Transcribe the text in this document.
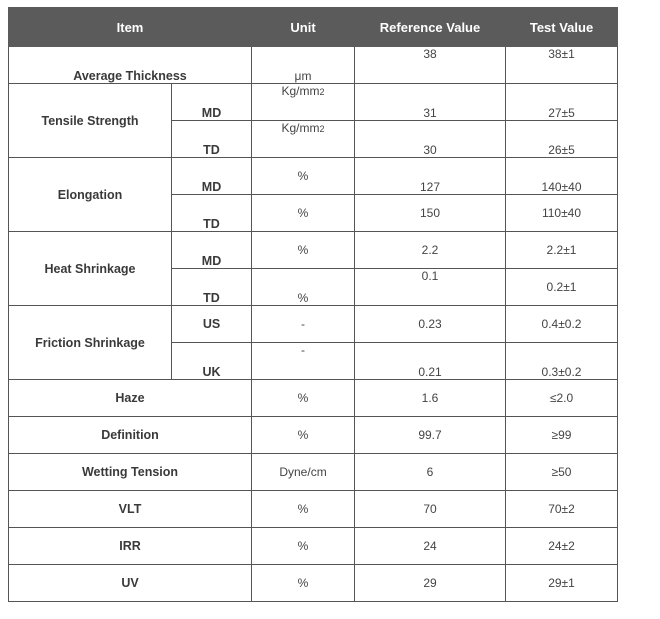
Item		Unit	Reference Value	Test Value
Average Thickness		μm	38	38±1
Tensile Strength	MD	Kg/mm2	31	27±5
	TD	Kg/mm2	30	26±5
Elongation	MD	%	127	140±40
	TD	%	150	110±40
Heat Shrinkage	MD	%	2.2	2.2±1
	TD	%	0.1	0.2±1
Friction Shrinkage	US	-	0.23	0.4±0.2
	UK	-	0.21	0.3±0.2
Haze		%	1.6	≤2.0
Definition		%	99.7	≥99
Wetting Tension		Dyne/cm	6	≥50
VLT		%	70	70±2
IRR		%	24	24±2
UV		%	29	29±1
